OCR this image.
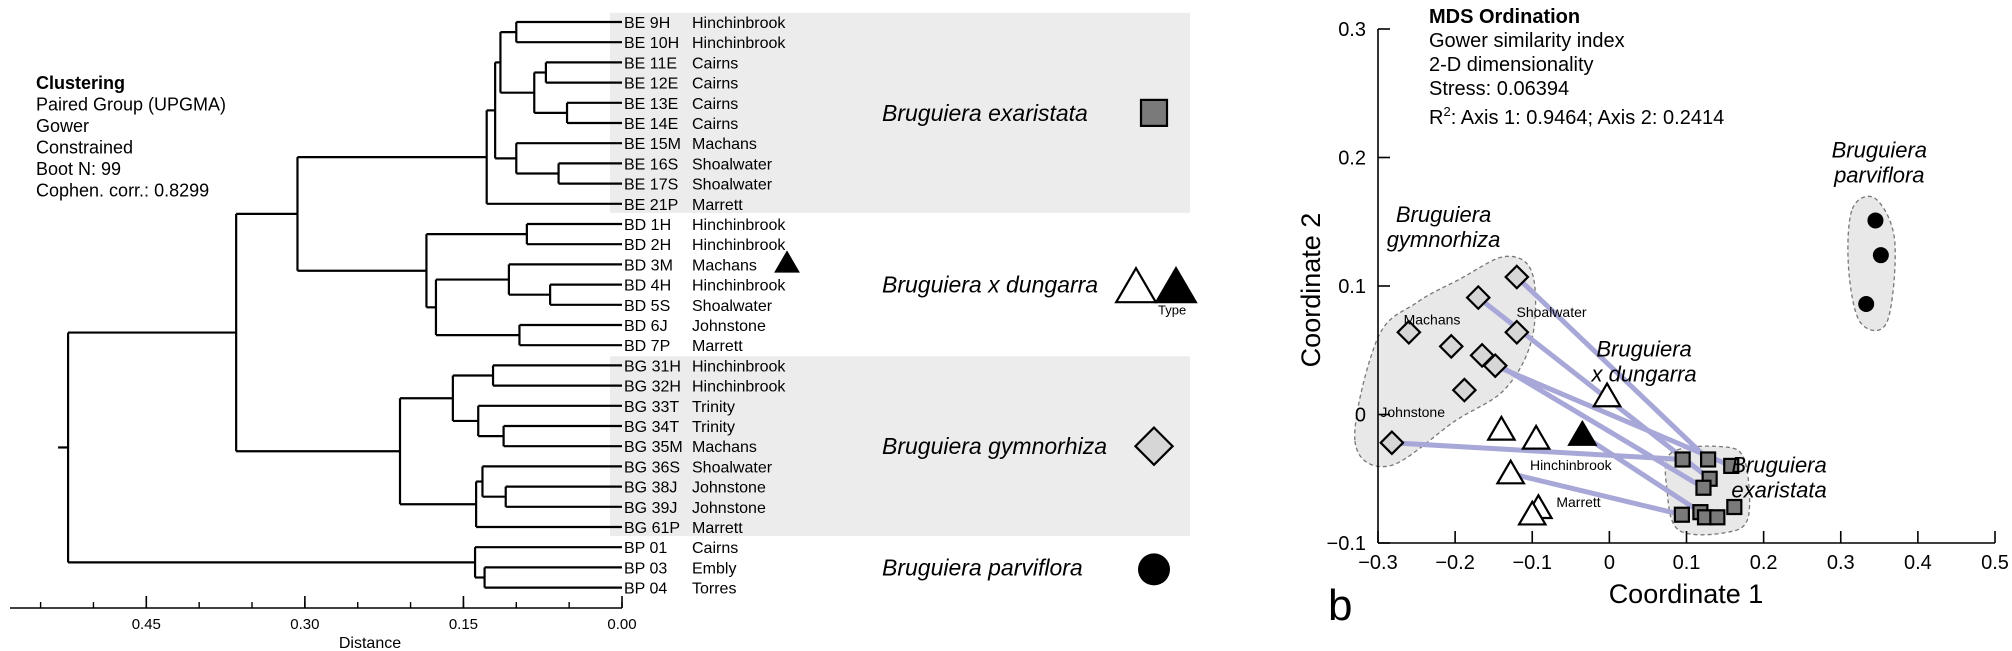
Clustering
Paired Group (UPGMA)
Gower
Constrained
Boot N: 99
Cophen. corr.: 0.8299
BE 9H Hinchinbrook
BE 10H Hinchinbrook
BE 11E Cairns
BE 12E Cairns
BE 13E Cairns
BE 14E Cairns
BE 15M Machans
BE 16S Shoalwater
BE 17S Shoalwater
BE 21P Marrett
BD 1H Hinchinbrook
BD 2H Hinchinbrook
BD 3M Machans
BD 4H Hinchinbrook
BD 5S Shoalwater
BD 6J Johnstone
BD 7P Marrett
BG 31H Hinchinbrook
BG 32H Hinchinbrook
BG 33T Trinity
BG 34T Trinity
BG 35M Machans
BG 36S Shoalwater
BG 38J Johnstone
BG 39J Johnstone
BG 61P Marrett
BP 01 Cairns
BP 03 Embly
BP 04 Torres
Bruguiera exaristata
Bruguiera x dungarra
Type
Bruguiera gymnorhiza
Bruguiera parviflora
0.45	0.30	0.15	0.00
Distance
−0.3 −0.2 −0.1	0	0.1 0.2 0.3 0.4 0.5
−0.1
0
0.1
0.2
0.3
Coordinate 1
Coordinate 2
b
Bruguiera
parviflora
Bruguiera
gymnorhiza
Bruguiera
x dungarra
Bruguiera
exaristata
Shoalwater
Machans
Johnstone
Hinchinbrook
Marrett
MDS Ordination
Gower similarity index
2-D dimensionality
Stress: 0.06394
$R^2$: Axis 1: 0.9464; Axis 2: 0.2414
